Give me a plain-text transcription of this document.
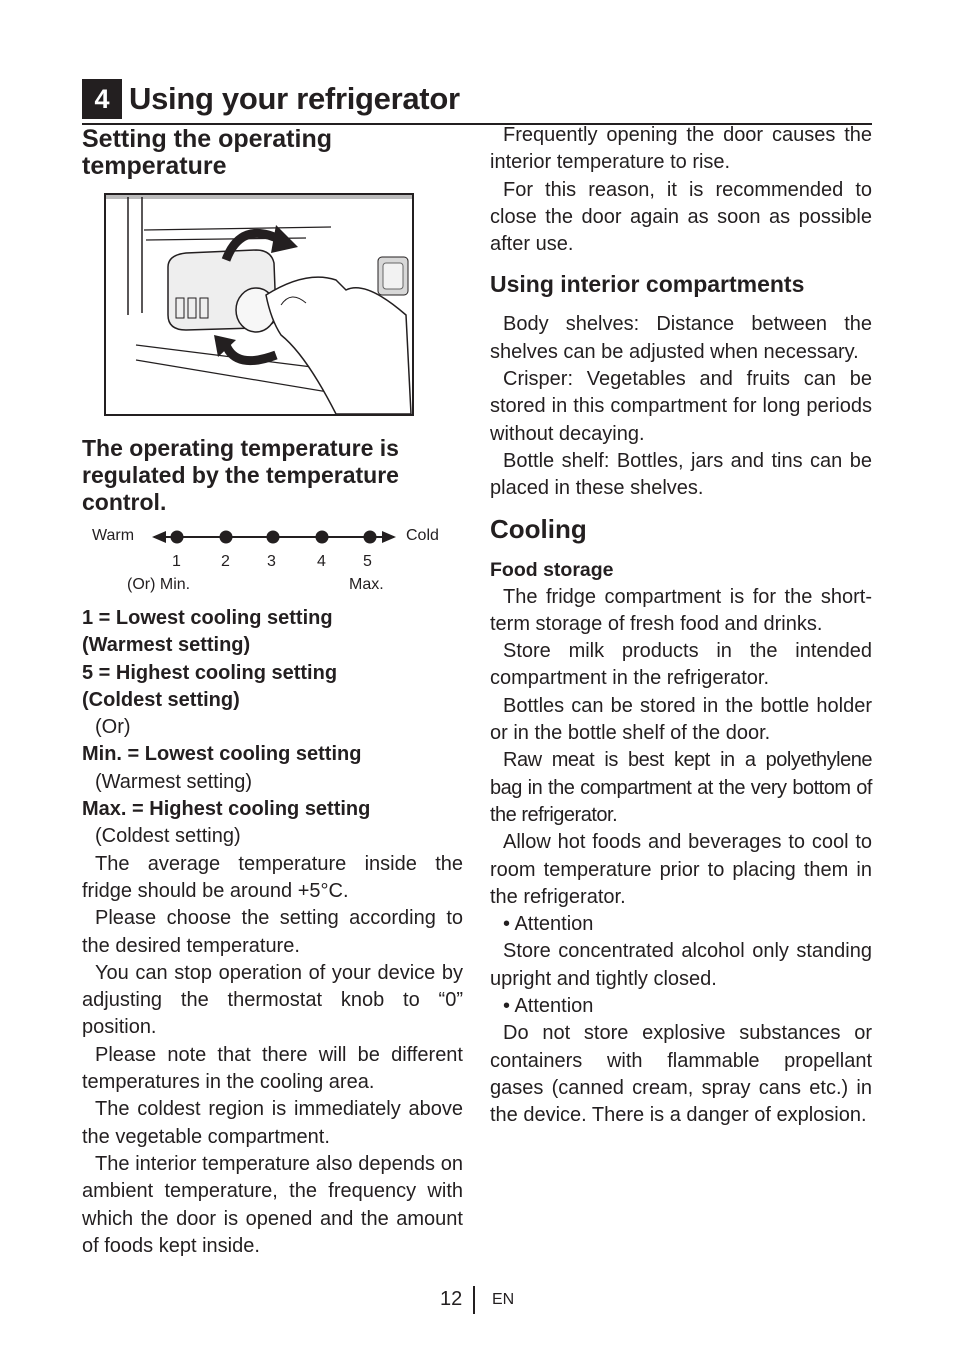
4 Using your refrigerator
Setting the operating temperature
The operating temperature is regulated by the temperature control.
Warm	Cold
1	2 3	4 5
(Or) Min.	Max.

1 = Lowest cooling setting

(Warmest setting)

5 = Highest cooling setting

(Coldest setting)

(Or)

Min. = Lowest cooling setting

(Warmest setting)

Max. = Highest cooling setting

(Coldest setting)

The average temperature inside the fridge should be around +5°C.

Please choose the setting according to the desired temperature.

You can stop operation of your device by adjusting the thermostat knob to “0” position.

Please note that there will be different temperatures in the cooling area.

The coldest region is immediately above the vegetable compartment.

The interior temperature also depends on ambient temperature, the frequency with which the door is opened and the amount of foods kept inside.

Frequently opening the door causes the interior temperature to rise.

For this reason, it is recommended to close the door again as soon as possible after use.

Using interior compartments

Body shelves: Distance between the shelves can be adjusted when necessary.

Crisper: Vegetables and fruits can be stored in this compartment for long periods without decaying.

Bottle shelf: Bottles, jars and tins can be placed in these shelves.

Cooling
Food storage

The fridge compartment is for the short-term storage of fresh food and drinks.

Store milk products in the intended compartment in the refrigerator.

Bottles can be stored in the bottle holder or in the bottle shelf of the door.

Raw meat is best kept in a polyethylene bag in the compartment at the very bottom of the refrigerator.

Allow hot foods and beverages to cool to room temperature prior to placing them in the refrigerator.

• Attention

Store concentrated alcohol only standing upright and tightly closed.

• Attention

Do not store explosive substances or containers with flammable propellant gases (canned cream, spray cans etc.) in the device. There is a danger of explosion.

12 EN
